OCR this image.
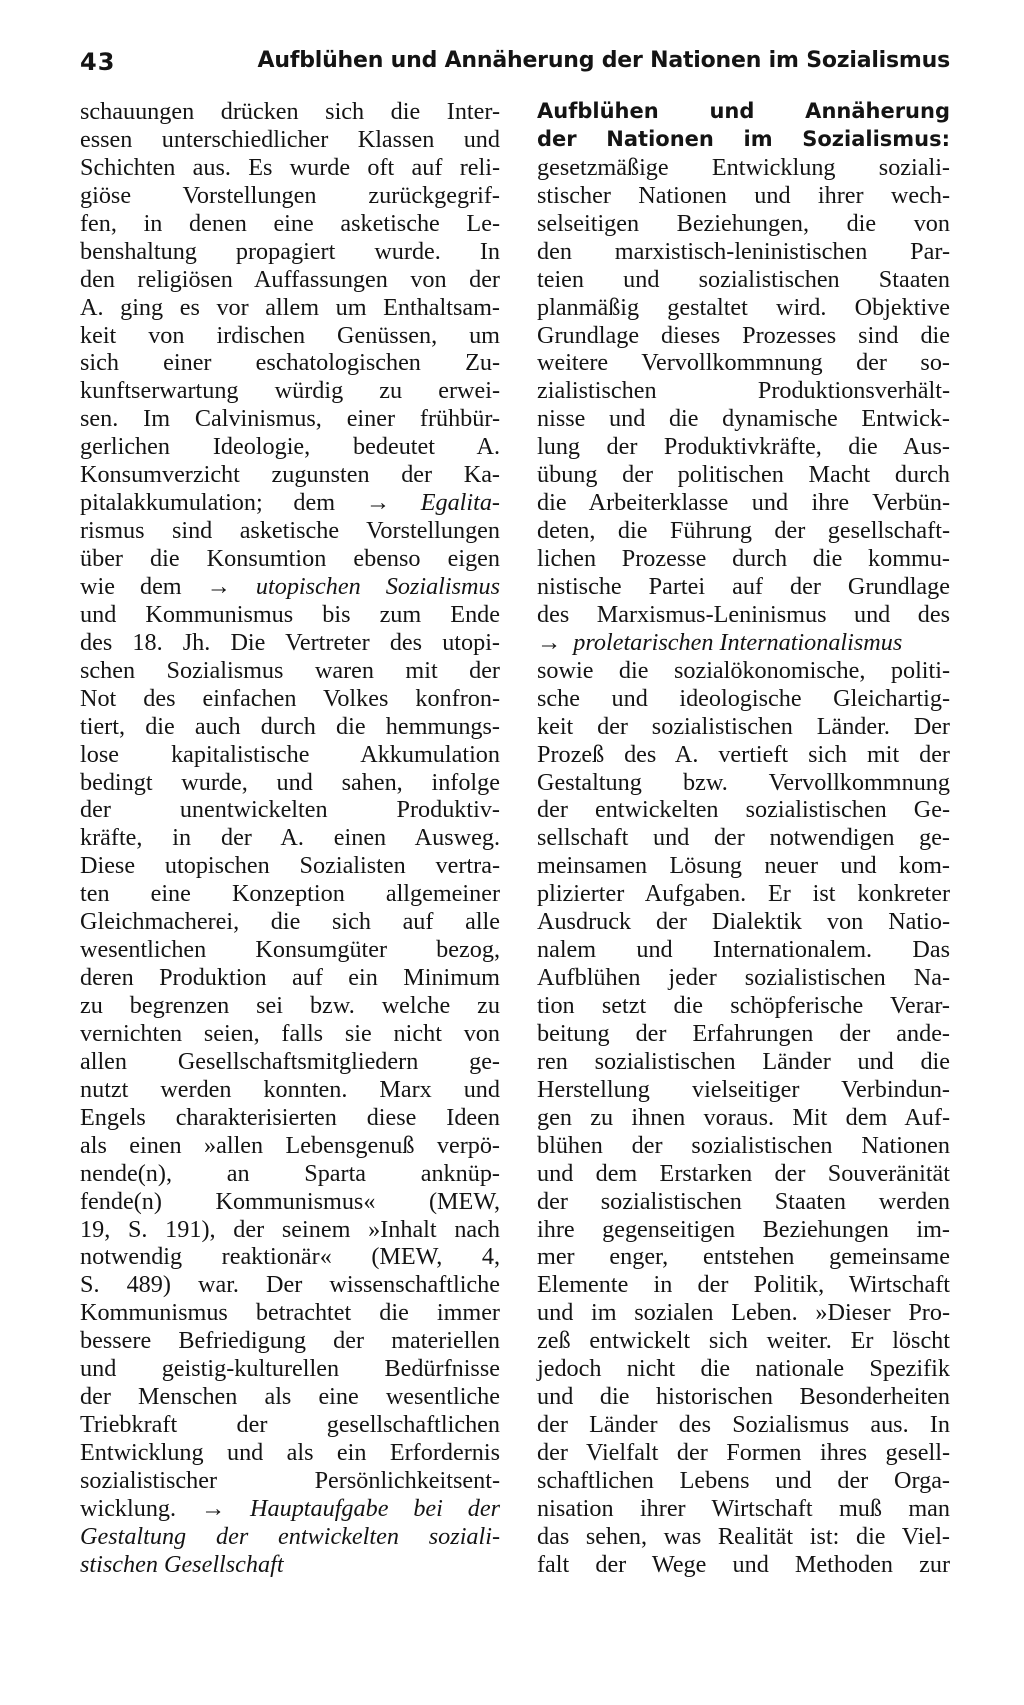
43	Aufblühen und Annäherung der Nationen im Sozialismus
schauungen drücken sich die Inter-
essen unterschiedlicher Klassen und
Schichten aus. Es wurde oft auf reli-
giöse Vorstellungen zurückgegrif-
fen, in denen eine asketische Le-
benshaltung propagiert wurde. In
den religiösen Auffassungen von der
A. ging es vor allem um Enthaltsam-
keit von irdischen Genüssen, um
sich einer eschatologischen Zu-
kunftserwartung würdig zu erwei-
sen. Im Calvinismus, einer frühbür-
gerlichen Ideologie, bedeutet A.
Konsumverzicht zugunsten der Ka-
pitalakkumulation; dem → Egalita-
rismus sind asketische Vorstellungen
über die Konsumtion ebenso eigen
wie dem → utopischen Sozialismus
und Kommunismus bis zum Ende
des 18. Jh. Die Vertreter des utopi-
schen Sozialismus waren mit der
Not des einfachen Volkes konfron-
tiert, die auch durch die hemmungs-
lose kapitalistische Akkumulation
bedingt wurde, und sahen, infolge
der unentwickelten Produktiv-
kräfte, in der A. einen Ausweg.
Diese utopischen Sozialisten vertra-
ten eine Konzeption allgemeiner
Gleichmacherei, die sich auf alle
wesentlichen Konsumgüter bezog,
deren Produktion auf ein Minimum
zu begrenzen sei bzw. welche zu
vernichten seien, falls sie nicht von
allen Gesellschaftsmitgliedern ge-
nutzt werden konnten. Marx und
Engels charakterisierten diese Ideen
als einen »allen Lebensgenuß verpö-
nende(n), an Sparta anknüp-
fende(n) Kommunismus« (MEW,
19, S. 191), der seinem »Inhalt nach
notwendig reaktionär« (MEW, 4,
S. 489) war. Der wissenschaftliche
Kommunismus betrachtet die immer
bessere Befriedigung der materiellen
und geistig-kulturellen Bedürfnisse
der Menschen als eine wesentliche
Triebkraft der gesellschaftlichen
Entwicklung und als ein Erfordernis
sozialistischer Persönlichkeitsent-
wicklung. → Hauptaufgabe bei der
Gestaltung der entwickelten soziali-
stischen Gesellschaft
Aufblühen und Annäherung
der Nationen im Sozialismus:
gesetzmäßige Entwicklung soziali-
stischer Nationen und ihrer wech-
selseitigen Beziehungen, die von
den marxistisch-leninistischen Par-
teien und sozialistischen Staaten
planmäßig gestaltet wird. Objektive
Grundlage dieses Prozesses sind die
weitere Vervollkommnung der so-
zialistischen Produktionsverhält-
nisse und die dynamische Entwick-
lung der Produktivkräfte, die Aus-
übung der politischen Macht durch
die Arbeiterklasse und ihre Verbün-
deten, die Führung der gesellschaft-
lichen Prozesse durch die kommu-
nistische Partei auf der Grundlage
des Marxismus-Leninismus und des
→ proletarischen Internationalismus
sowie die sozialökonomische, politi-
sche und ideologische Gleichartig-
keit der sozialistischen Länder. Der
Prozeß des A. vertieft sich mit der
Gestaltung bzw. Vervollkommnung
der entwickelten sozialistischen Ge-
sellschaft und der notwendigen ge-
meinsamen Lösung neuer und kom-
plizierter Aufgaben. Er ist konkreter
Ausdruck der Dialektik von Natio-
nalem und Internationalem. Das
Aufblühen jeder sozialistischen Na-
tion setzt die schöpferische Verar-
beitung der Erfahrungen der ande-
ren sozialistischen Länder und die
Herstellung vielseitiger Verbindun-
gen zu ihnen voraus. Mit dem Auf-
blühen der sozialistischen Nationen
und dem Erstarken der Souveränität
der sozialistischen Staaten werden
ihre gegenseitigen Beziehungen im-
mer enger, entstehen gemeinsame
Elemente in der Politik, Wirtschaft
und im sozialen Leben. »Dieser Pro-
zeß entwickelt sich weiter. Er löscht
jedoch nicht die nationale Spezifik
und die historischen Besonderheiten
der Länder des Sozialismus aus. In
der Vielfalt der Formen ihres gesell-
schaftlichen Lebens und der Orga-
nisation ihrer Wirtschaft muß man
das sehen, was Realität ist: die Viel-
falt der Wege und Methoden zur
